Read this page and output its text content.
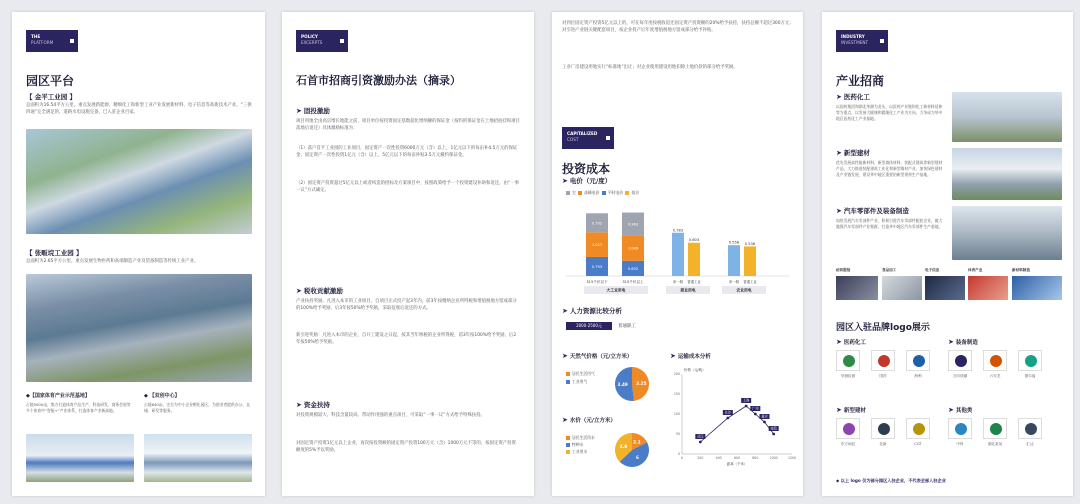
THE
PLATFORM
园区平台
【 金平工业园 】
总面积为16.54平方公里。重点发展新能源、精细化工和新型工业产业发展新材料、电子信息等高新技术产业。“三供四通”完全满足的，道路水电设施完备，已入驻企业百家。
【 张畈垸工业园 】
总面积为2.65平方公里。重点发展生物医药和高端制造产业及装备制造等传统工业产业。
◆【国家体育产业示范基地】
占地5000亩，集方打造体育产品生产、科技研发、商务会展等多个体育中“智能+”产业体系，打造体育产业新高地。
◆ 【双创中心】
占地640亩，定位为中小企业孵化园区，为创业者提供办公、仓储、研发等服务。
POLICY
EXCERPTS
石首市招商引资激励办法（摘录）
➤ 固投激励
项目用地全由高宗增长地能之前，项目单位按投资固定基数超化增纳额的保证金（按约的保证金在土地招拍挂和项目落地后退还）具体激励标准为：
（1）落户首平工业园的工业项目，固定资产一次性投资6000万元（含）以上，1亿元以下的每亩补4.5万元的保证金；固定资产一次性投资1亿元（含）以上，5亿元以下的每亩补贴3.5万元履约保证金。
（2）固定资产投资超过5亿元以上或者构造的招标及方案项目中，按照政策给予一个投资建设补助和返还，由“一事一议”方式确定。
➤ 税收贡献激励
产业扶持奖励。凡进入本市的工业项目，自项目正式投产起3年内，前3年按缴纳企业所得税和增值税地方留成部分的100%给予奖励，后3年按50%给予奖励，采取征收后返还的方式。
新引进奖励：凡进入本市的企业，自开工建设之日起，按其当年纳税的企业所得税，前3年按100%给予奖励，后2年按50%给予奖励。
➤ 资金扶持
对投资规模较大、科技含量较高、带动作用强的重点项目，可采取“一事一议”方式给予特殊扶持。
对固定资产投资1亿元以上企业，再次按投资额的固定资产投资100万元（含）1000万元不等的，按固定资产投资额度的5%予以奖励。
对到位固定资产投资5亿元以上的，可在每年度按税收返还固定资产投资额的20%给予扶持，扶持总额不超过300万元；对引进产业链关键配套项目，按企业投产后年度增值税地方留成部分给予补贴。
工业厂房建设用地实行“标准地”出让；对企业使用建设用地扣除土地价款的部分给予奖励。
CAPITALIZED
COST
投资成本
➤ 电价（元/度）
尖 高峰电价 平时电价 低谷
0.793
1.027
0.792
315千伏以下
0.632
1.049
0.963
315千伏以上
0.783
0.603
0.558 0.536
单一制 普通工业	单一制 普通工业
大工业用电	商业用电	农业用电
➤ 人力资源比较分析
2000-2500元	普通职工
➤ 天然气价格（元/立方米）
居民生活用气
工业用气	3.25
3.49
➤ 水价（元/立方米）
居民生活用水
特种水
工业用水
2.3
6
4.9
➤ 运输成本分析
0
50
100
150
200
0	200	400	600	800	1000	1200
价格（元/吨）
距离（千米）
武汉
长沙
上海
广州
重庆
南昌
INDUSTRY
INVESTMENT
产业招商
➤ 医药化工
以国药集团和湖北华测为龙头，以医药产业链和化工新材料延伸等为重点，以发展大健康和精细化工产业为方向，力争成为华中地区医药化工产业基地。
➤ 新型建材
优先发展高性能新材料、新型墙体材料、装配式建筑等新型建材产品，大力推进装配建筑工业化和新型墙材产业，加快绿色建材及产业链发展，建设华中地区重要的新型建材生产基地。
➤ 汽车零部件及装备制造
加快发展汽车零部件产业，积极引进汽车零部件配套企业，做大做强汽车零部件产业集群，打造华中地区汽车零部件生产基地。
纺织服装	食品加工	电子信息	体育产业	新材料制造
园区入驻品牌logo展示
➤ 医药化工
华测检测	国药	海利
➤ 装备制造
万向钱潮	六安龙	德尔福
➤ 新型建材
东方雨虹	北新	CGT
➤ 其他类
中科	湖北某某	汇达
◆ 以上 logo 仅为部分园区入驻企业，不代表全部入驻企业
